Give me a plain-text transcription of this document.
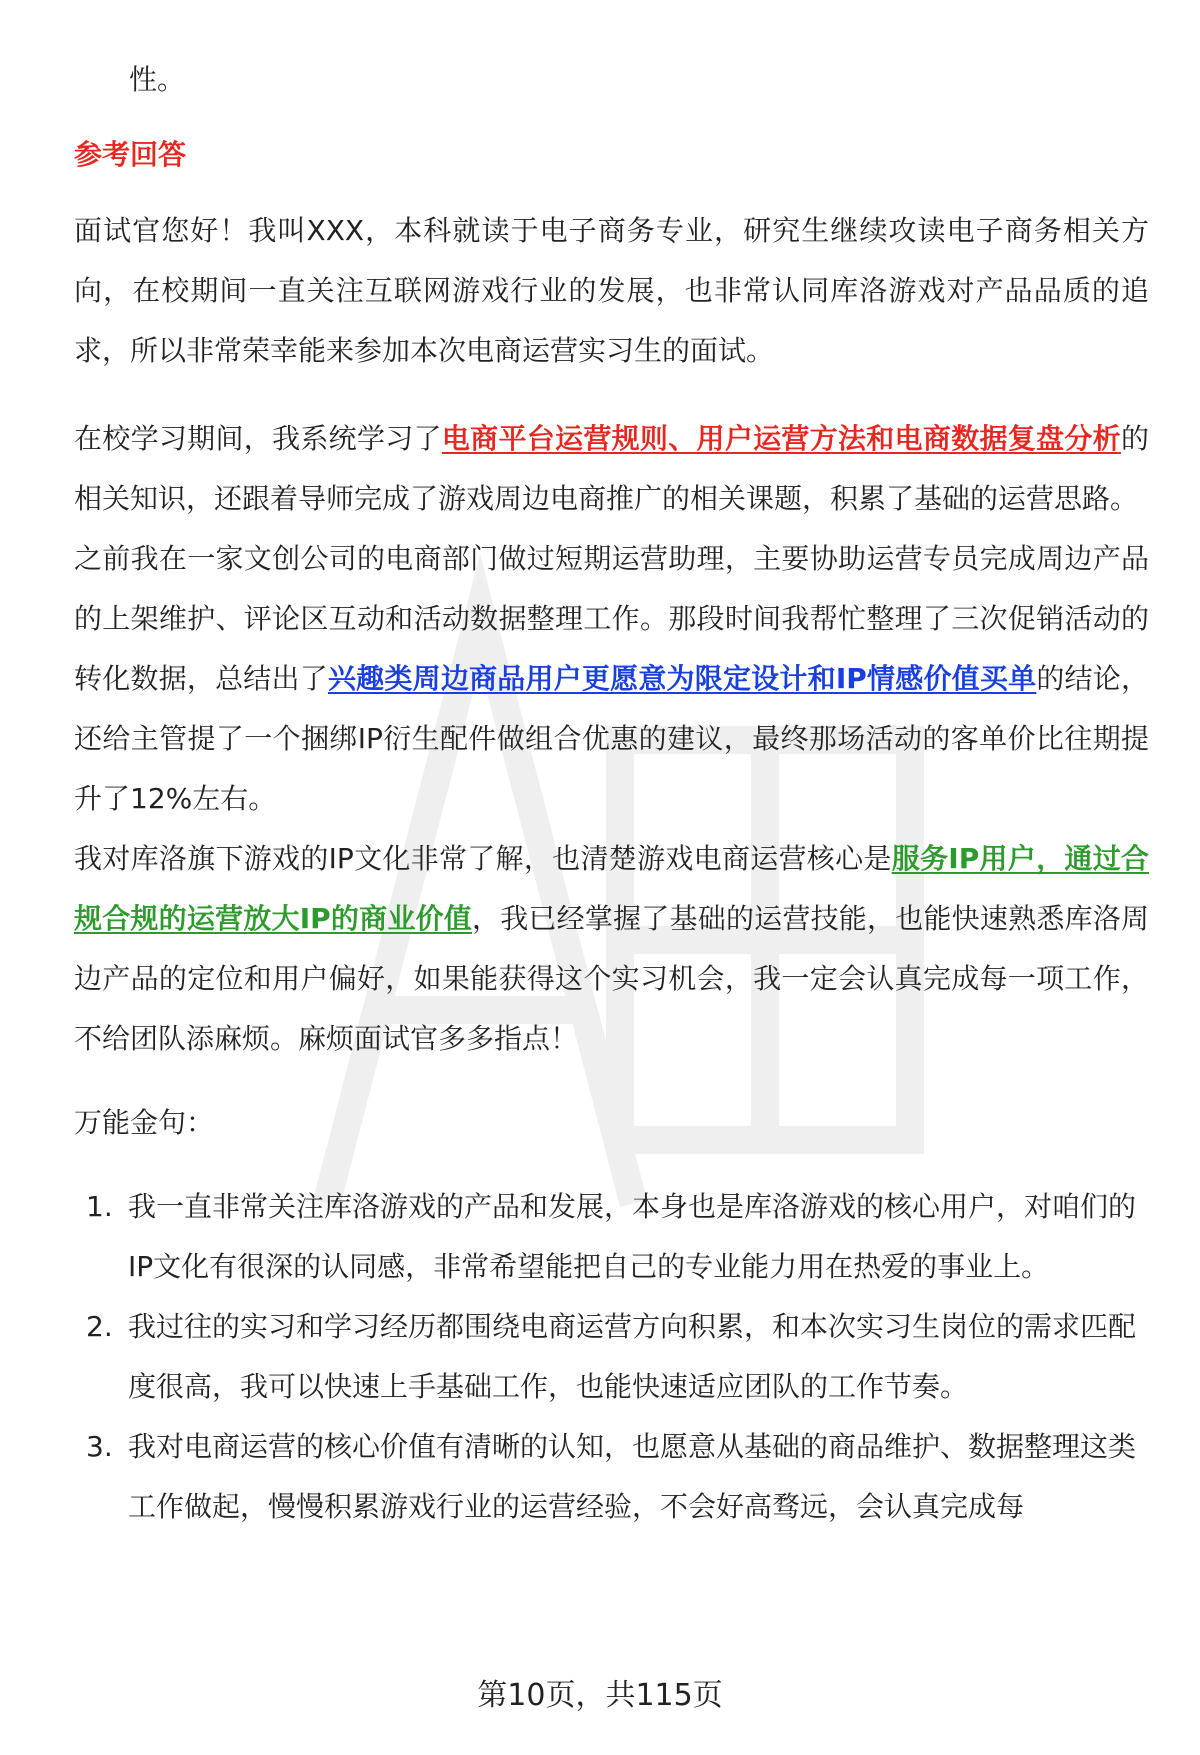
性。

参考回答

面试官您好！我叫XXX，本科就读于电子商务专业，研究生继续攻读电子商务相关方向，在校期间一直关注互联网游戏行业的发展，也非常认同库洛游戏对产品品质的追求，所以非常荣幸能来参加本次电商运营实习生的面试。

在校学习期间，我系统学习了电商平台运营规则、用户运营方法和电商数据复盘分析的相关知识，还跟着导师完成了游戏周边电商推广的相关课题，积累了基础的运营思路。

之前我在一家文创公司的电商部门做过短期运营助理，主要协助运营专员完成周边产品的上架维护、评论区互动和活动数据整理工作。那段时间我帮忙整理了三次促销活动的转化数据，总结出了兴趣类周边商品用户更愿意为限定设计和IP情感价值买单的结论，还给主管提了一个捆绑IP衍生配件做组合优惠的建议，最终那场活动的客单价比往期提升了12%左右。

我对库洛旗下游戏的IP文化非常了解，也清楚游戏电商运营核心是服务IP用户，通过合规合规的运营放大IP的商业价值，我已经掌握了基础的运营技能，也能快速熟悉库洛周边产品的定位和用户偏好，如果能获得这个实习机会，我一定会认真完成每一项工作，不给团队添麻烦。麻烦面试官多多指点！

万能金句：
1. 我一直非常关注库洛游戏的产品和发展，本身也是库洛游戏的核心用户，对咱们的IP文化有很深的认同感，非常希望能把自己的专业能力用在热爱的事业上。
2. 我过往的实习和学习经历都围绕电商运营方向积累，和本次实习生岗位的需求匹配度很高，我可以快速上手基础工作，也能快速适应团队的工作节奏。
3. 我对电商运营的核心价值有清晰的认知，也愿意从基础的商品维护、数据整理这类工作做起，慢慢积累游戏行业的运营经验，不会好高骛远，会认真完成每
第10页，共115页
